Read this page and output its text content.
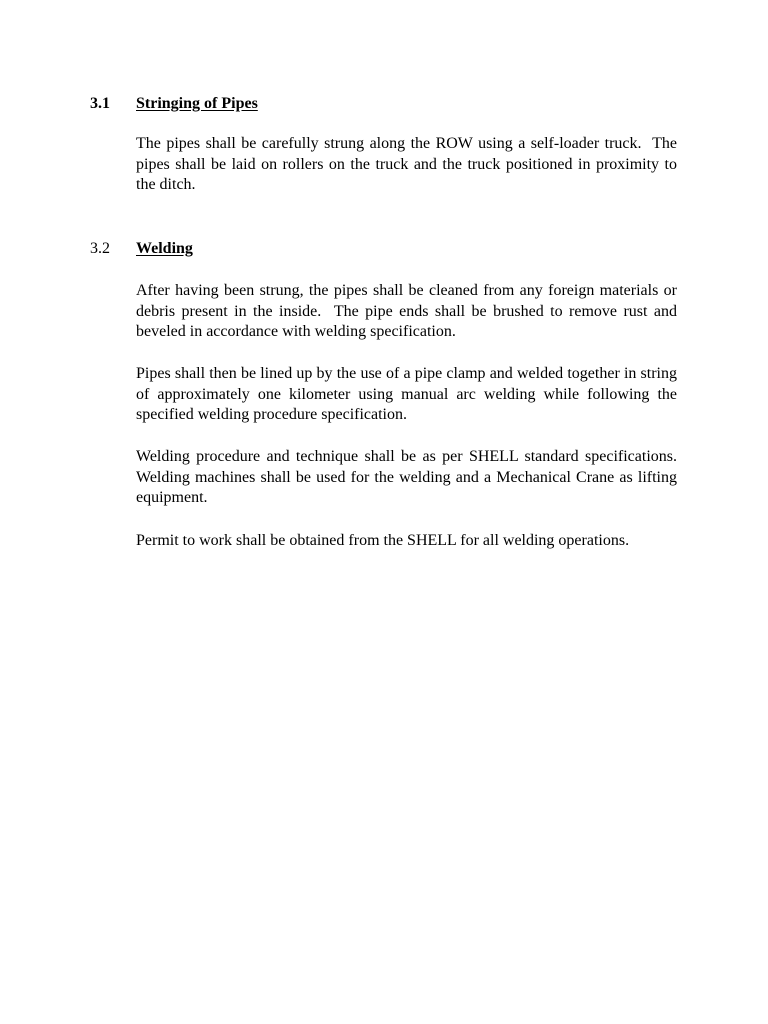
3.1 Stringing of Pipes

The pipes shall be carefully strung along the ROW using a self-loader truck.  The pipes shall be laid on rollers on the truck and the truck positioned in proximity to the ditch.

3.2 Welding

After having been strung, the pipes shall be cleaned from any foreign materials or debris present in the inside.  The pipe ends shall be brushed to remove rust and beveled in accordance with welding specification.

Pipes shall then be lined up by the use of a pipe clamp and welded together in string of approximately one kilometer using manual arc welding while following the specified welding procedure specification.

Welding procedure and technique shall be as per SHELL standard specifications.  Welding machines shall be used for the welding and a Mechanical Crane as lifting equipment.

Permit to work shall be obtained from the SHELL for all welding operations.
